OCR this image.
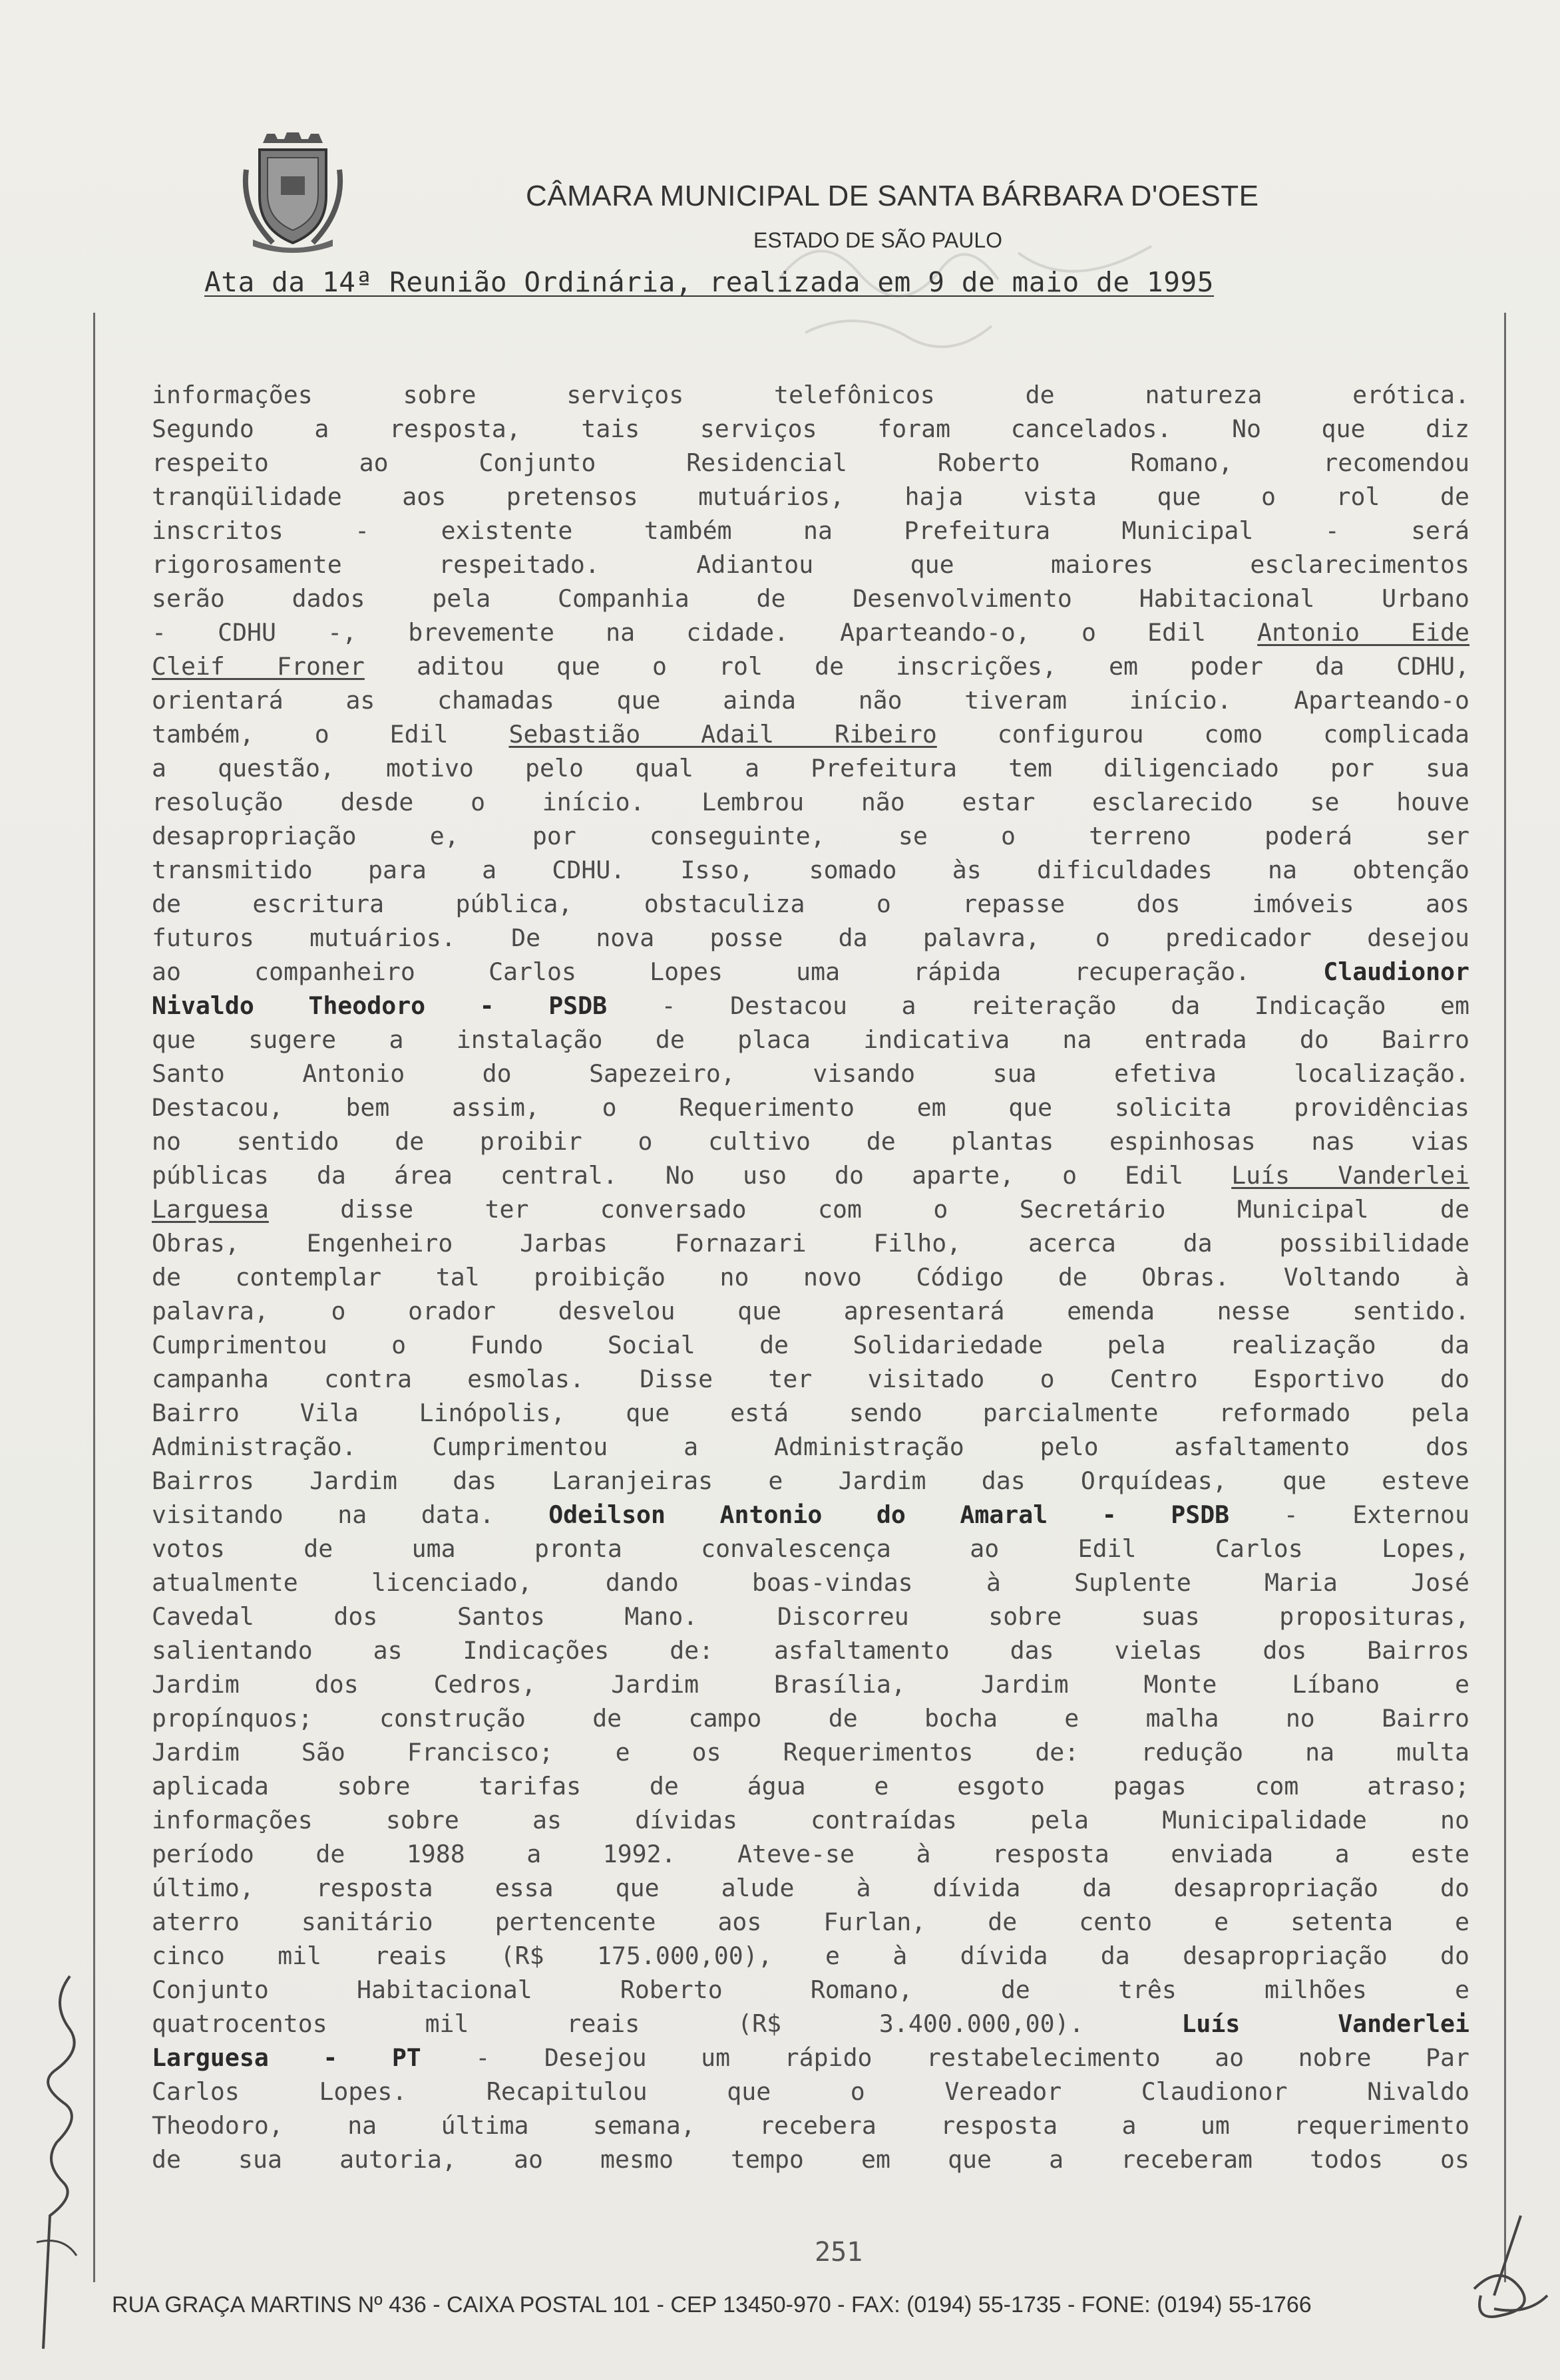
CÂMARA MUNICIPAL DE SANTA BÁRBARA D'OESTE
ESTADO DE SÃO PAULO
Ata da 14ª Reunião Ordinária, realizada em 9 de maio de 1995
informações sobre serviços telefônicos de natureza erótica.
Segundo a resposta, tais serviços foram cancelados. No que diz
respeito ao Conjunto Residencial Roberto Romano, recomendou
tranqüilidade aos pretensos mutuários, haja vista que o rol de
inscritos - existente também na Prefeitura Municipal - será
rigorosamente respeitado. Adiantou que maiores esclarecimentos
serão dados pela Companhia de Desenvolvimento Habitacional Urbano
- CDHU -, brevemente na cidade. Aparteando-o, o Edil Antonio Eide
Cleif Froner aditou que o rol de inscrições, em poder da CDHU,
orientará as chamadas que ainda não tiveram início. Aparteando-o
também, o Edil Sebastião Adail Ribeiro configurou como complicada
a questão, motivo pelo qual a Prefeitura tem diligenciado por sua
resolução desde o início. Lembrou não estar esclarecido se houve
desapropriação e, por conseguinte, se o terreno poderá ser
transmitido para a CDHU. Isso, somado às dificuldades na obtenção
de escritura pública, obstaculiza o repasse dos imóveis aos
futuros mutuários. De nova posse da palavra, o predicador desejou
ao companheiro Carlos Lopes uma rápida recuperação.	Claudionor
Nivaldo Theodoro - PSDB - Destacou a reiteração da Indicação em
que sugere a instalação de placa indicativa na entrada do Bairro
Santo Antonio do Sapezeiro, visando sua efetiva localização.
Destacou, bem assim, o Requerimento em que solicita providências
no sentido de proibir o cultivo de plantas espinhosas nas vias
públicas da área central. No uso do aparte, o Edil Luís Vanderlei
Larguesa	disse ter conversado com o Secretário Municipal de
Obras, Engenheiro Jarbas Fornazari Filho, acerca da possibilidade
de contemplar tal proibição no novo Código de Obras. Voltando à
palavra, o orador desvelou que apresentará emenda nesse sentido.
Cumprimentou o Fundo Social de Solidariedade pela realização da
campanha contra esmolas. Disse ter visitado o Centro Esportivo do
Bairro Vila Linópolis, que está sendo parcialmente reformado pela
Administração. Cumprimentou a Administração pelo asfaltamento dos
Bairros Jardim das Laranjeiras e Jardim das Orquídeas, que esteve
visitando na data. Odeilson Antonio do Amaral - PSDB - Externou
votos de uma pronta convalescença ao Edil Carlos Lopes,
atualmente licenciado, dando boas-vindas à Suplente Maria José
Cavedal dos Santos Mano. Discorreu sobre suas proposituras,
salientando as Indicações de: asfaltamento das vielas dos Bairros
Jardim dos Cedros, Jardim Brasília, Jardim Monte Líbano e
propínquos; construção de campo de bocha e malha no Bairro
Jardim São Francisco; e os Requerimentos de: redução na multa
aplicada sobre tarifas de água e esgoto pagas com atraso;
informações sobre as dívidas contraídas pela Municipalidade no
período de 1988 a 1992. Ateve-se à resposta enviada a este
último, resposta essa que alude à dívida da desapropriação do
aterro sanitário pertencente aos Furlan, de cento e setenta e
cinco mil reais (R$ 175.000,00), e à dívida da desapropriação do
Conjunto Habitacional Roberto Romano, de três milhões e
quatrocentos mil reais (R$ 3.400.000,00).	Luís Vanderlei
Larguesa - PT - Desejou um rápido restabelecimento ao nobre Par
Carlos Lopes. Recapitulou que o Vereador Claudionor Nivaldo
Theodoro, na última semana, recebera resposta a um requerimento
de sua autoria, ao mesmo tempo em que a receberam todos os
251
RUA GRAÇA MARTINS Nº 436 - CAIXA POSTAL 101 - CEP 13450-970 - FAX: (0194) 55-1735 - FONE: (0194) 55-1766
